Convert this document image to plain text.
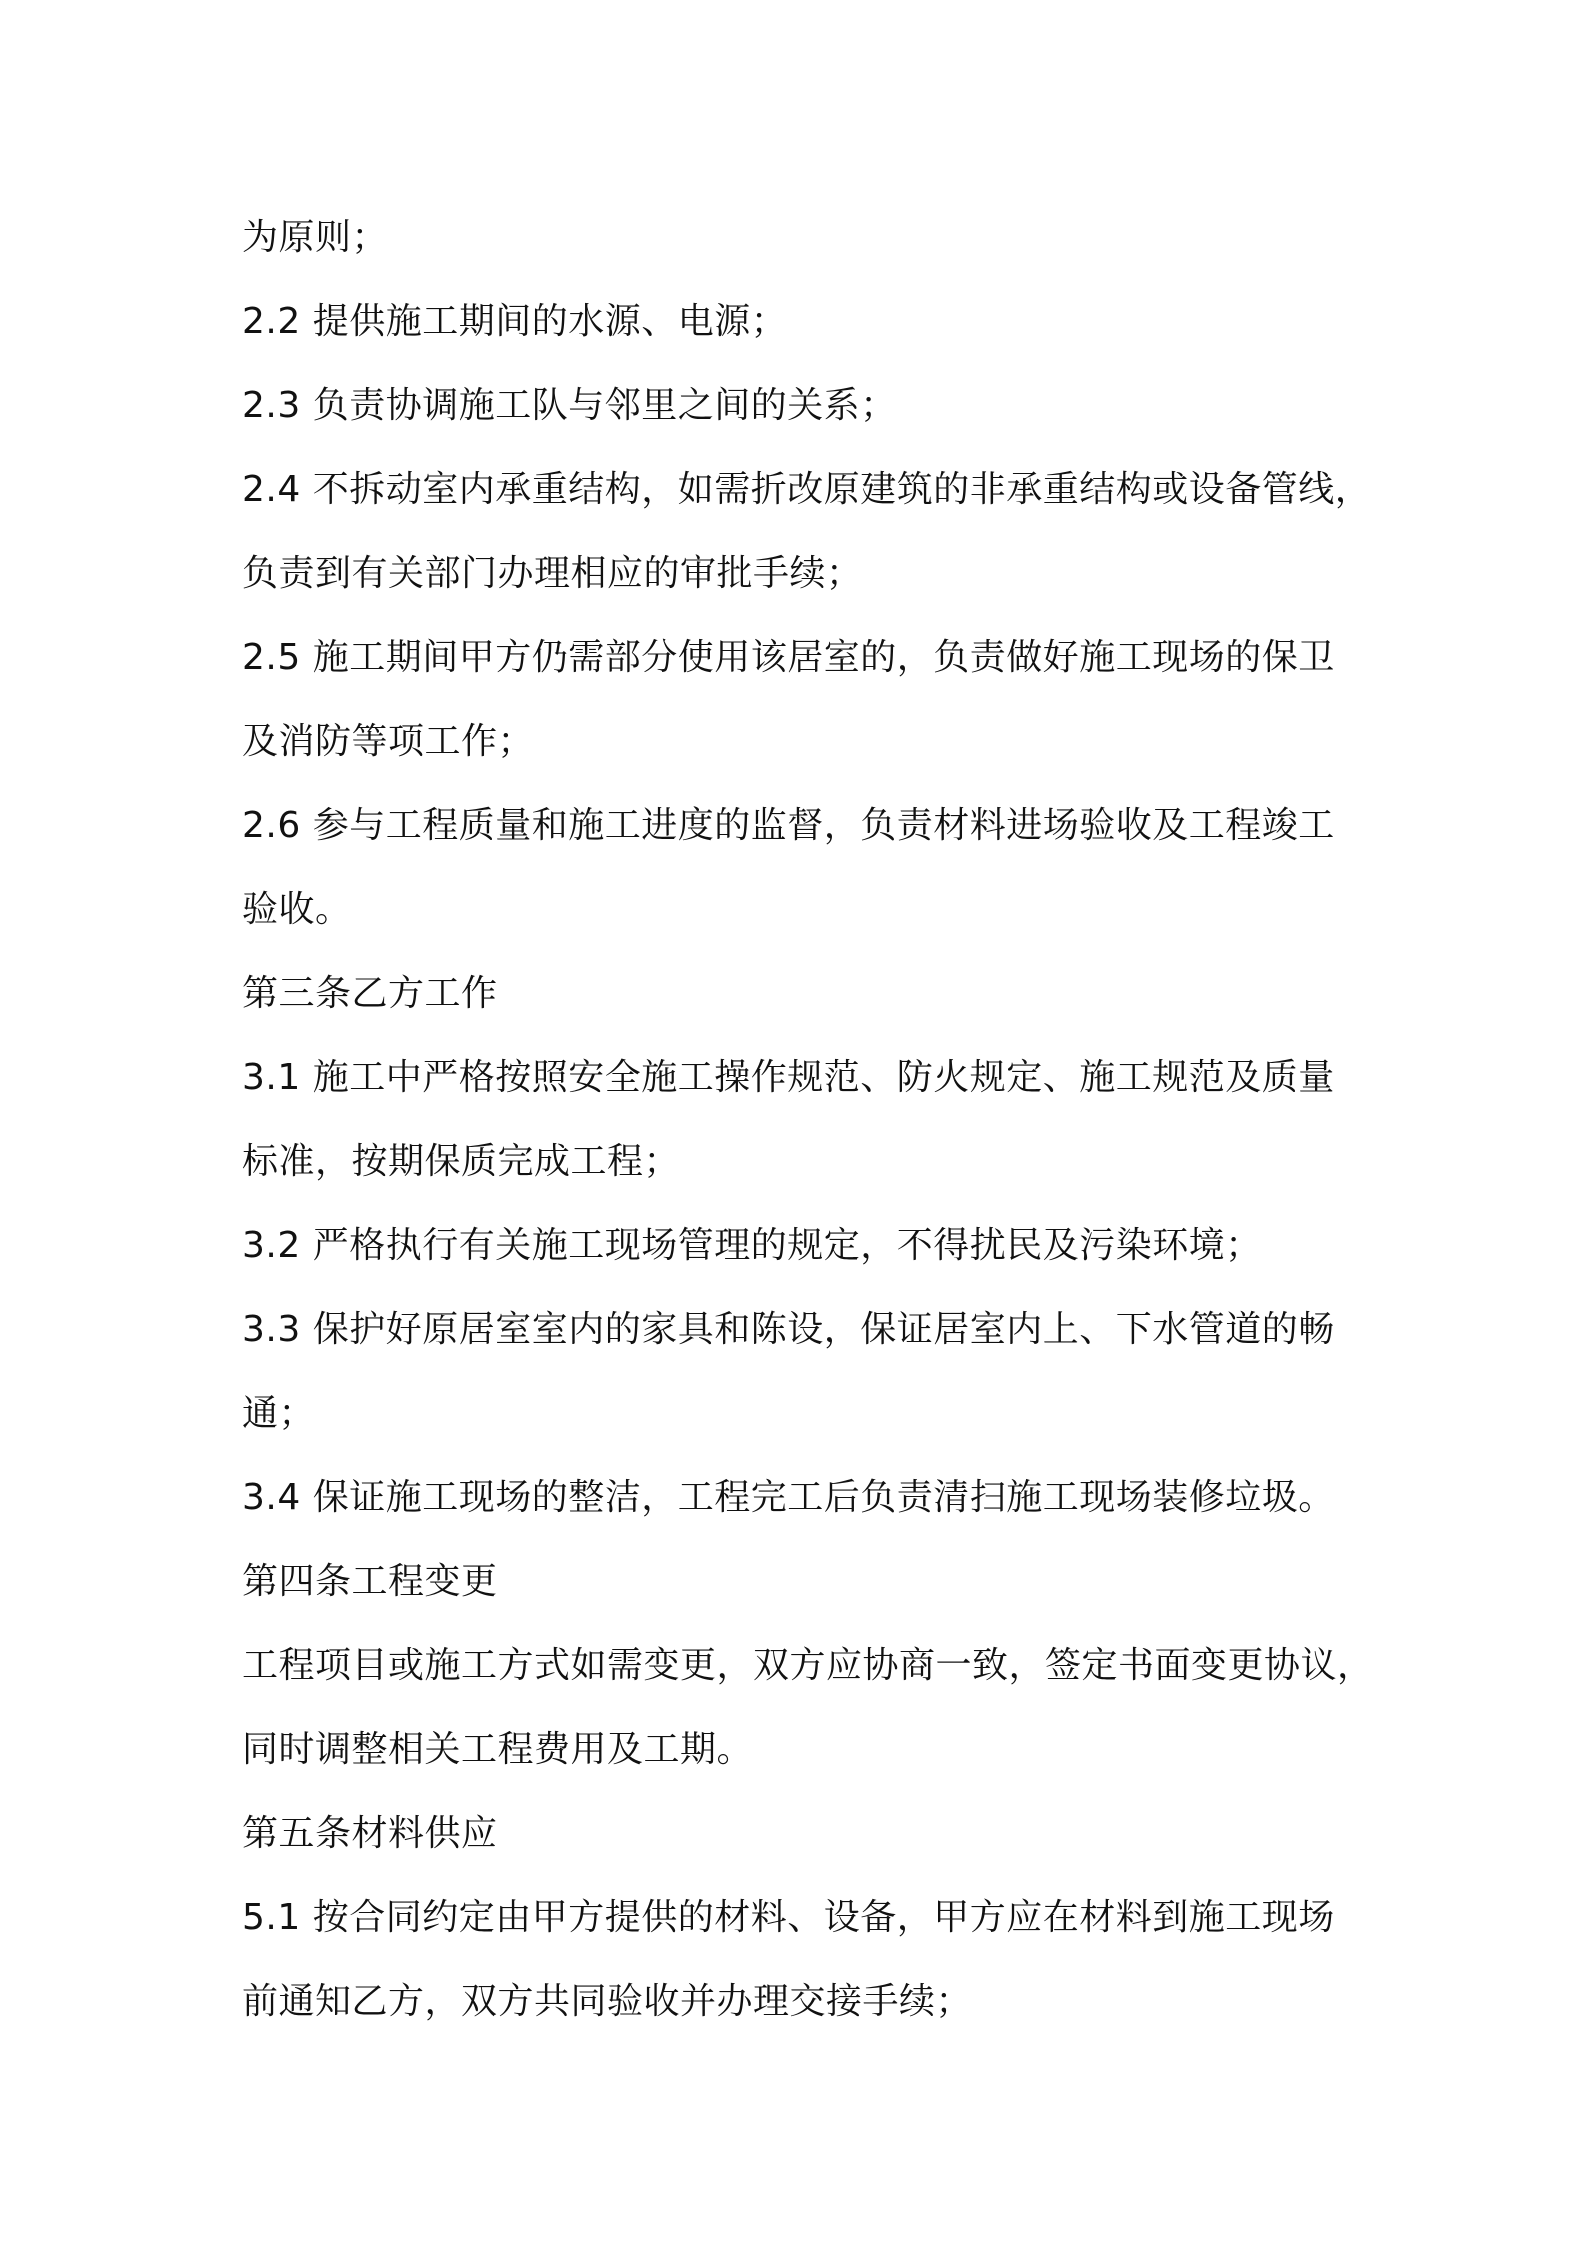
为原则；
2.2 提供施工期间的水源、电源；
2.3 负责协调施工队与邻里之间的关系；
2.4 不拆动室内承重结构，如需折改原建筑的非承重结构或设备管线，
负责到有关部门办理相应的审批手续；
2.5 施工期间甲方仍需部分使用该居室的，负责做好施工现场的保卫
及消防等项工作；
2.6 参与工程质量和施工进度的监督，负责材料进场验收及工程竣工
验收。
第三条乙方工作
3.1 施工中严格按照安全施工操作规范、防火规定、施工规范及质量
标准，按期保质完成工程；
3.2 严格执行有关施工现场管理的规定，不得扰民及污染环境；
3.3 保护好原居室室内的家具和陈设，保证居室内上、下水管道的畅
通；
3.4 保证施工现场的整洁，工程完工后负责清扫施工现场装修垃圾。
第四条工程变更
工程项目或施工方式如需变更，双方应协商一致，签定书面变更协议，
同时调整相关工程费用及工期。
第五条材料供应
5.1 按合同约定由甲方提供的材料、设备，甲方应在材料到施工现场
前通知乙方，双方共同验收并办理交接手续；
